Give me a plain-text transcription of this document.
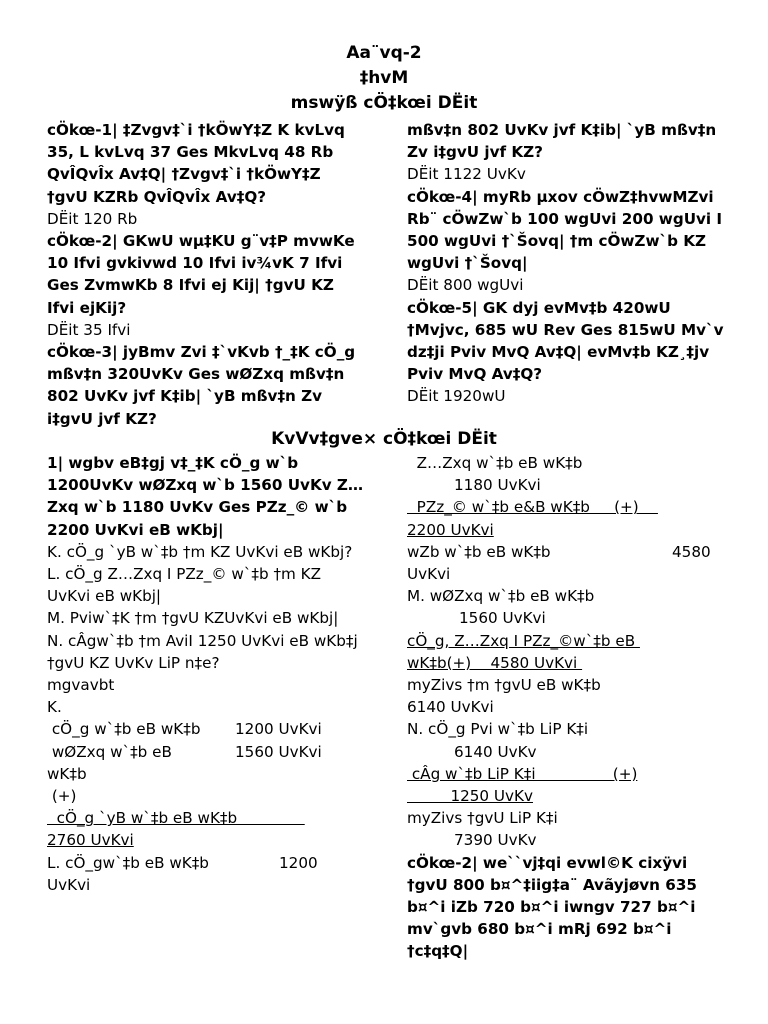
Aa¨vq-2
‡hvM
mswÿß cÖ‡kœi DËit

cÖkœ-1| ‡Zvgv‡`i †kÖwY‡Z K kvLvq 35, L kvLvq 37 Ges MkvLvq 48 Rb QvÎQvÎx Av‡Q| †Zvgv‡`i †kÖwY‡Z †gvU KZRb QvÎQvÎx Av‡Q?

DËit 120 Rb

cÖkœ-2| GKwU wµ‡KU g¨v‡P mvwKe 10 Ifvi gvkivwd 10 Ifvi iv¾vK 7 Ifvi Ges ZvmwKb 8 Ifvi ej Kij| †gvU KZ Ifvi ejKij?

DËit 35 Ifvi

cÖkœ-3| jyBmv Zvi ‡`vKvb †_‡K cÖ_g mßv‡n 320UvKv Ges wØZxq mßv‡n 802 UvKv jvf K‡ib| `yB mßv‡n Zv i‡gvU jvf KZ?

mßv‡n 802 UvKv jvf K‡ib| `yB mßv‡n Zv i‡gvU jvf KZ?

DËit 1122 UvKv

cÖkœ-4| myRb µxov cÖwZ‡hvwMZvi Rb¨ cÖwZw`b 100 wgUvi 200 wgUvi I 500 wgUvi †`Šovq| †m cÖwZw`b KZ wgUvi †`Šovq|

DËit 800 wgUvi

cÖkœ-5| GK dyj evMv‡b 420wU †Mvjvc, 685 wU Rev Ges 815wU Mv`v dz‡ji Pviv MvQ Av‡Q| evMv‡b KZ¸‡jv Pviv MvQ Av‡Q?

DËit 1920wU

KvVv‡gve× cÖ‡kœi DËit

1| wgbv eB‡gj v‡_‡K cÖ_g w`b 1200UvKv wØZxq w`b 1560 UvKv Z…Zxq w`b 1180 UvKv Ges PZz_© w`b 2200 UvKvi eB wKbj|

K. cÖ_g `yB w`‡b †m KZ UvKvi eB wKbj?

L. cÖ_g Z…Zxq I PZz_© w`‡b †m KZ UvKvi eB wKbj|

M. Pviw`‡K †m †gvU KZUvKvi eB wKbj|

N. cÂgw`‡b †m AviI 1250 UvKvi eB wKb‡j †gvU KZ UvKv LiP n‡e?

mgvavbt

K.

cÖ_g w`‡b eB wK‡b 1200 UvKvi
wØZxq w`‡b eB	1560 UvKvi

wK‡b

(+)

cÖ_g `yB w`‡b eB wK‡b

2760 UvKvi

L. cÖ_gw`‡b eB wK‡b	1200

UvKvi

Z…Zxq w`‡b eB wK‡b

1180 UvKvi

PZz_© w`‡b e&B wK‡b     (+)

2200 UvKvi

wZb w`‡b eB wK‡b	4580

UvKvi

M. wØZxq w`‡b eB wK‡b

1560 UvKvi

cÖ_g, Z…Zxq I PZz_©w`‡b eB

wK‡b(+)    4580 UvKvi

myZivs †m †gvU eB wK‡b

6140 UvKvi

N. cÖ_g Pvi w`‡b LiP K‡i

6140 UvKv

cÂg w`‡b LiP K‡i                (+)

1250 UvKv

myZivs †gvU LiP K‡i

7390 UvKv

cÖkœ-2| we``vj‡qi evwl©K cixÿvi †gvU 800 b¤^‡iig‡a¨ Avãyjøvn 635 b¤^i iZb 720 b¤^i iwngv 727 b¤^i mv`gvb 680 b¤^i mRj 692 b¤^i †c‡q‡Q|
